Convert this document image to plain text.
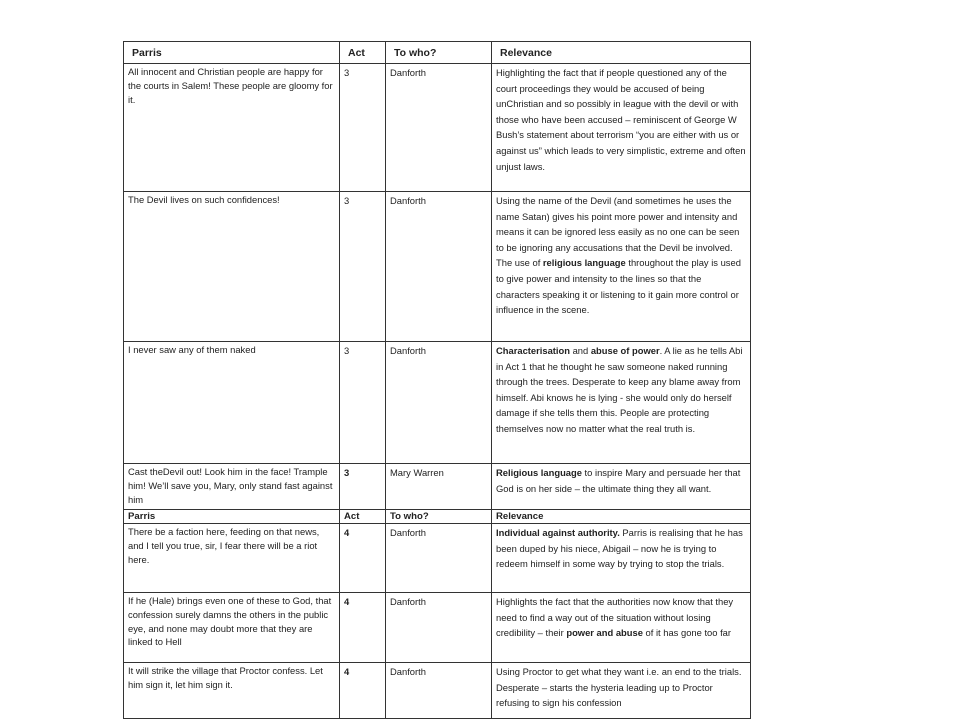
Parris	Act	To who?	Relevance
All innocent and Christian people are happy for the courts in Salem! These people are gloomy for it.	3	Danforth	Highlighting the fact that if people questioned any of the court proceedings they would be accused of being unChristian and so possibly in league with the devil or with those who have been accused – reminiscent of George W Bush’s statement about terrorism “you are either with us or against us” which leads to very simplistic, extreme and often unjust laws.
The Devil lives on such confidences!	3	Danforth	Using the name of the Devil (and sometimes he uses the name Satan) gives his point more power and intensity and means it can be ignored less easily as no one can be seen to be ignoring any accusations that the Devil be involved.
The use of religious language throughout the play is used to give power and intensity to the lines so that the characters speaking it or listening to it gain more control or influence in the scene.
I never saw any of them naked	3	Danforth	Characterisation and abuse of power. A lie as he tells Abi in Act 1 that he thought he saw someone naked running through the trees. Desperate to keep any blame away from himself. Abi knows he is lying - she would only do herself damage if she tells them this. People are protecting themselves now no matter what the real truth is.

Cast theDevil out! Look him in the face! Trample him! We’ll save you, Mary, only stand fast against him	3	Mary Warren	Religious language to inspire Mary and persuade her that God is on her side – the ultimate thing they all want.
Parris	Act	To who?	Relevance
There be a faction here, feeding on that news, and I tell you true, sir, I fear there will be a riot here.	4	Danforth	Individual against authority. Parris is realising that he has been duped by his niece, Abigail – now he is trying to redeem himself in some way by trying to stop the trials.
If he (Hale) brings even one of these to God, that confession surely damns the others in the public eye, and none may doubt more that they are linked to Hell	4	Danforth	Highlights the fact that the authorities now know that they need to find a way out of the situation without losing credibility – their power and abuse of it has gone too far
It will strike the village that Proctor confess. Let him sign it, let him sign it.	4	Danforth	Using Proctor to get what they want i.e. an end to the trials. Desperate – starts the hysteria leading up to Proctor refusing to sign his confession
